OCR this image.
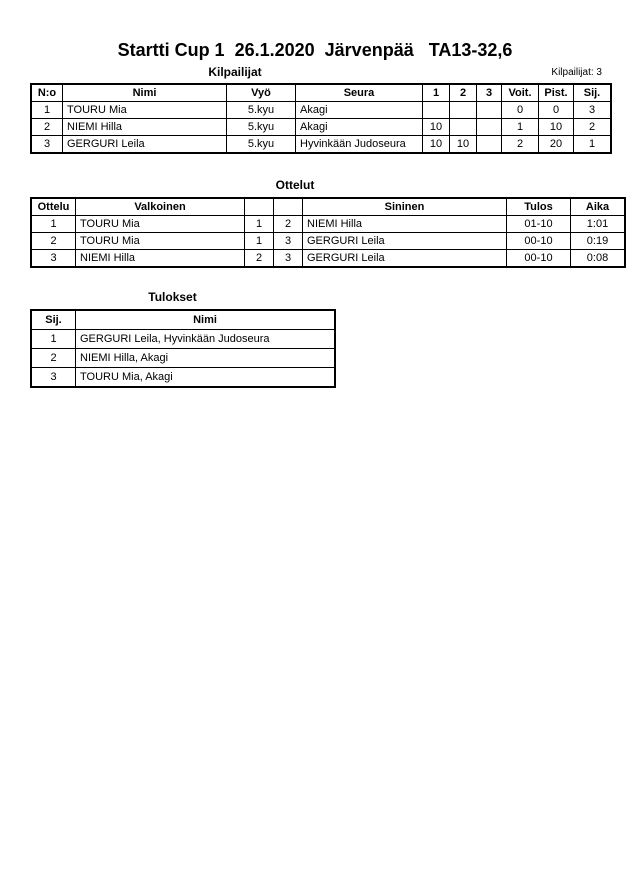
Startti Cup 1  26.1.2020  Järvenpää   TA13-32,6
Kilpailijat	Kilpailijat: 3
N:o	Nimi	Vyö	Seura	1	2	3	Voit.	Pist.	Sij.
1	TOURU Mia	5.kyu	Akagi				0	0	3
2	NIEMI Hilla	5.kyu	Akagi	10			1	10	2
3	GERGURI Leila	5.kyu	Hyvinkään Judoseura	10	10		2	20	1
Ottelut
Ottelu	Valkoinen			Sininen	Tulos	Aika
1	TOURU Mia	1	2	NIEMI Hilla	01-10	1:01
2	TOURU Mia	1	3	GERGURI Leila	00-10	0:19
3	NIEMI Hilla	2	3	GERGURI Leila	00-10	0:08
Tulokset
Sij.	Nimi
1	GERGURI Leila, Hyvinkään Judoseura
2	NIEMI Hilla, Akagi
3	TOURU Mia, Akagi
